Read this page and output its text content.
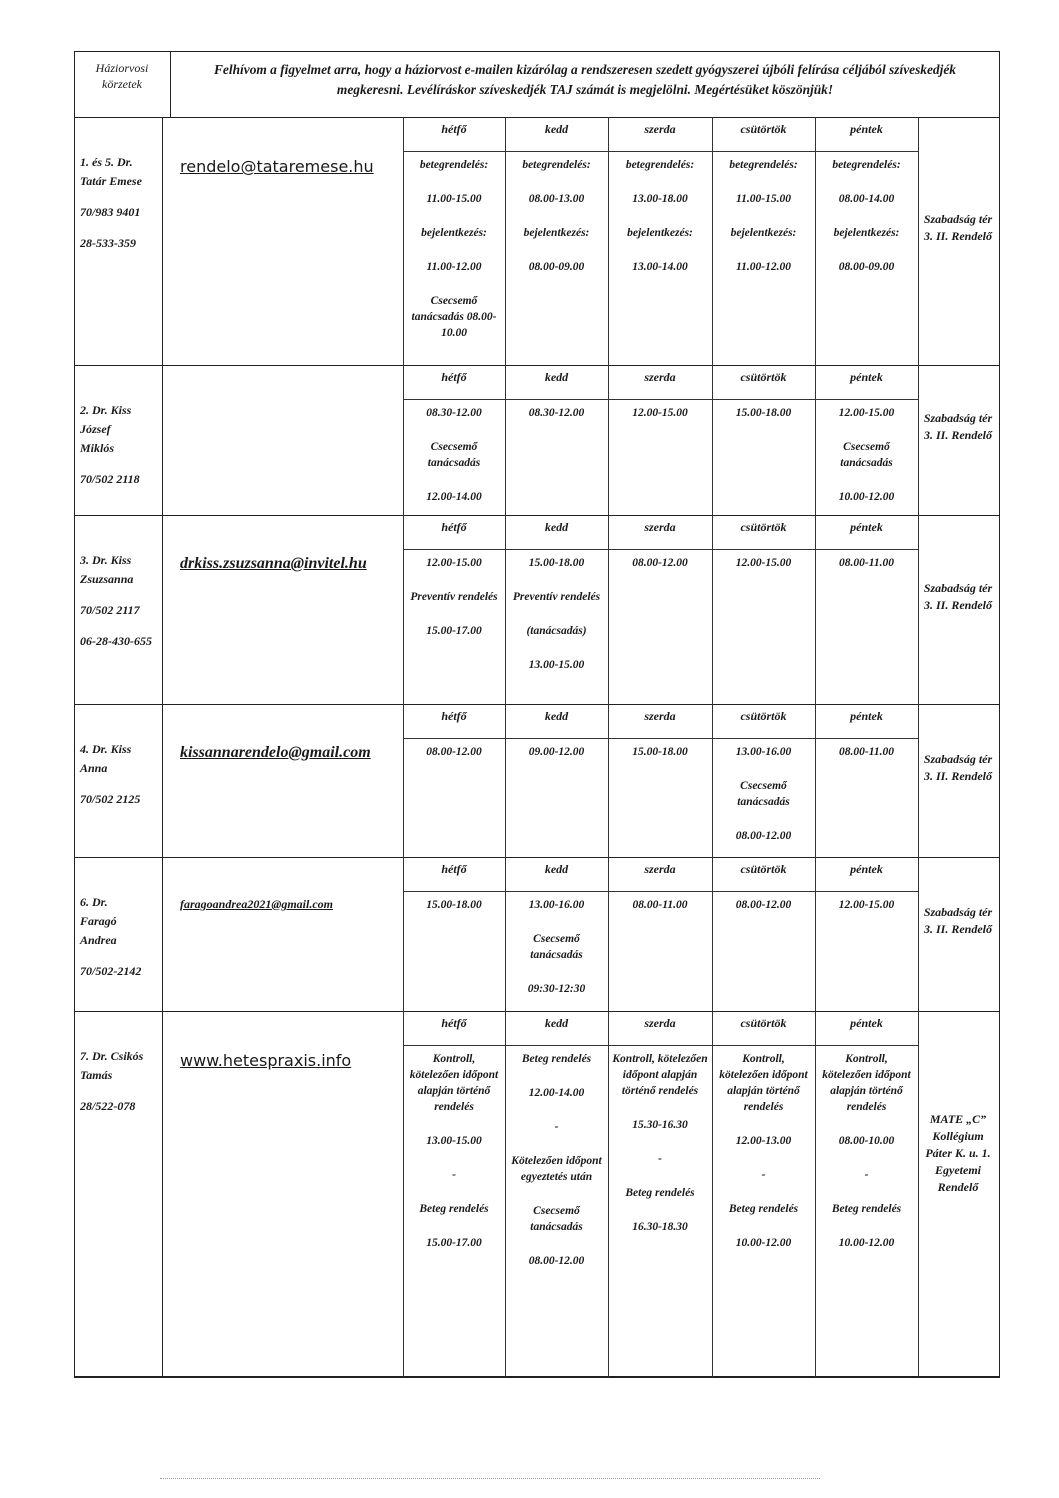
Háziorvosi körzetek
Felhívom a figyelmet arra, hogy a háziorvost e-mailen kizárólag a rendszeresen szedett gyógyszerei újbóli felírása céljából szíveskedjék megkeresni. Levélíráskor szíveskedjék TAJ számát is megjelölni. Megértésüket köszönjük!
1. és 5. Dr.
Tatár Emese
70/983 9401
28-533-359
rendelo@tataremese.hu
hétfő

betegrendelés:

11.00-15.00

bejelentkezés:

11.00-12.00

Csecsemő tanácsadás 08.00-10.00

kedd

betegrendelés:

08.00-13.00

bejelentkezés:

08.00-09.00

szerda

betegrendelés:

13.00-18.00

bejelentkezés:

13.00-14.00

csütörtök

betegrendelés:

11.00-15.00

bejelentkezés:

11.00-12.00

péntek

betegrendelés:

08.00-14.00

bejelentkezés:

08.00-09.00

Szabadság tér 3. II. Rendelő
2. Dr. Kiss
József
Miklós
70/502 2118
hétfő

08.30-12.00

Csecsemő tanácsadás

12.00-14.00

kedd

08.30-12.00

szerda

12.00-15.00

csütörtök

15.00-18.00

péntek

12.00-15.00

Csecsemő tanácsadás

10.00-12.00

Szabadság tér 3. II. Rendelő
3. Dr. Kiss
Zsuzsanna
70/502 2117
06-28-430-655
drkiss.zsuzsanna@invitel.hu
hétfő

12.00-15.00

Preventív rendelés

15.00-17.00

kedd

15.00-18.00

Preventív rendelés

(tanácsadás)

13.00-15.00

szerda

08.00-12.00

csütörtök

12.00-15.00

péntek

08.00-11.00

Szabadság tér 3. II. Rendelő
4. Dr. Kiss
Anna
70/502 2125
kissannarendelo@gmail.com
hétfő

08.00-12.00

kedd

09.00-12.00

szerda

15.00-18.00

csütörtök

13.00-16.00

Csecsemő tanácsadás

08.00-12.00

péntek

08.00-11.00	Szabadság tér 3. II. Rendelő
6. Dr.
Faragó
Andrea
70/502-2142
faragoandrea2021@gmail.com
hétfő

15.00-18.00

kedd

13.00-16.00

Csecsemő tanácsadás

09:30-12:30

szerda

08.00-11.00

csütörtök

08.00-12.00

péntek

12.00-15.00	Szabadság tér 3. II. Rendelő
7. Dr. Csikós
Tamás
28/522-078
www.hetespraxis.info
hétfő

Kontroll, kötelezően időpont alapján történő rendelés

13.00-15.00

-

Beteg rendelés

15.00-17.00

kedd

Beteg rendelés

12.00-14.00

-

Kötelezően időpont egyeztetés után

Csecsemő tanácsadás

08.00-12.00

szerda

Kontroll, kötelezően időpont alapján történő rendelés

15.30-16.30

-

Beteg rendelés

16.30-18.30

csütörtök

Kontroll, kötelezően időpont alapján történő rendelés

12.00-13.00

-

Beteg rendelés

10.00-12.00

péntek

Kontroll, kötelezően időpont alapján történő rendelés

08.00-10.00

-

Beteg rendelés

10.00-12.00

MATE „C” Kollégium Páter K. u. 1. Egyetemi Rendelő
